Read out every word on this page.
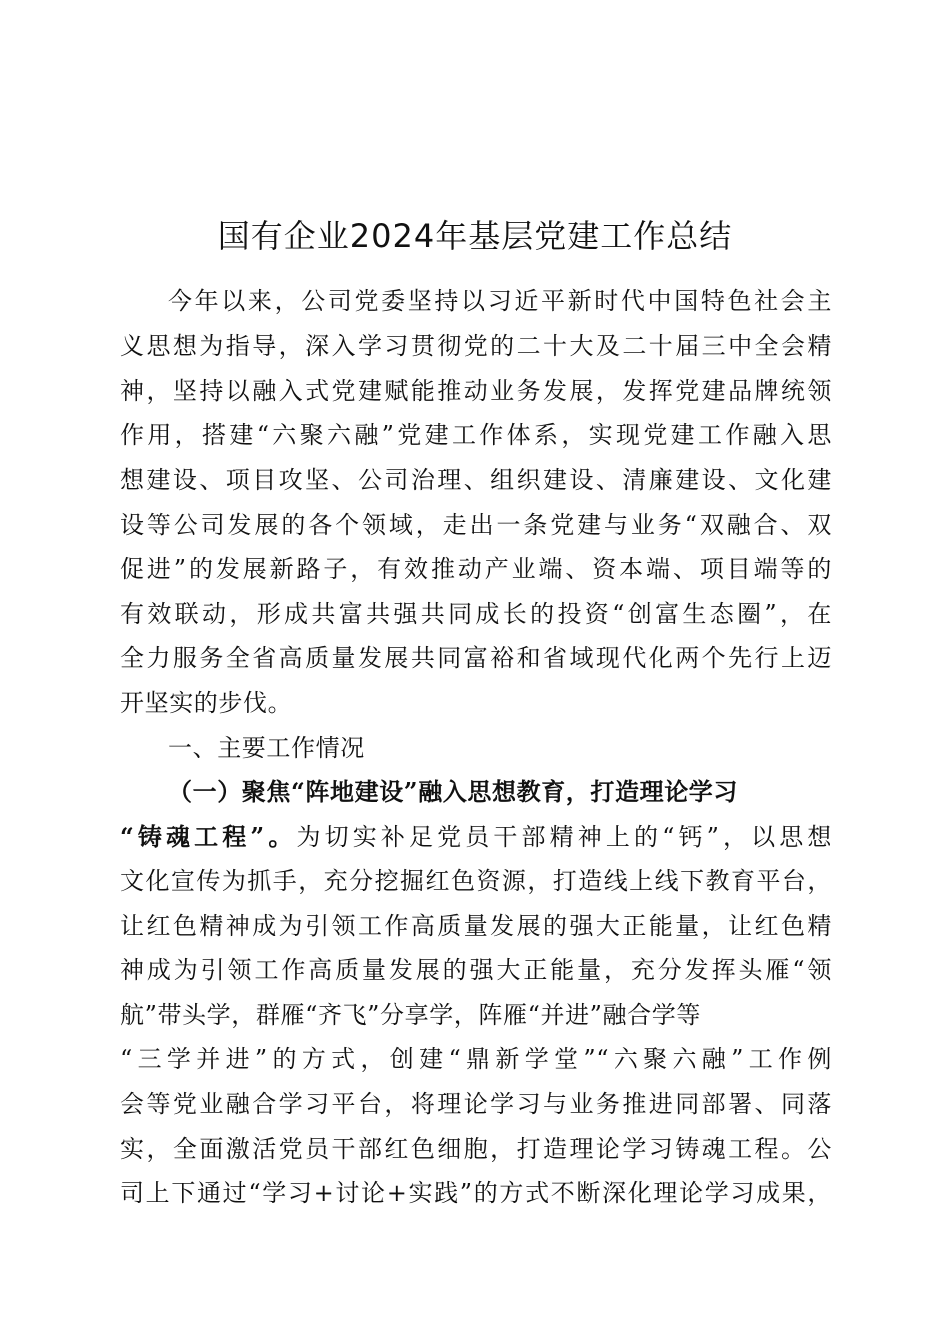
国有企业2024年基层党建工作总结
今年以来，公司党委坚持以习近平新时代中国特色社会主
义思想为指导，深入学习贯彻党的二十大及二十届三中全会精
神，坚持以融入式党建赋能推动业务发展，发挥党建品牌统领
作用，搭建“六聚六融”党建工作体系，实现党建工作融入思
想建设、项目攻坚、公司治理、组织建设、清廉建设、文化建
设等公司发展的各个领域，走出一条党建与业务“双融合、双
促进”的发展新路子，有效推动产业端、资本端、项目端等的
有效联动，形成共富共强共同成长的投资“创富生态圈”，在
全力服务全省高质量发展共同富裕和省域现代化两个先行上迈
开坚实的步伐。
一、主要工作情况
（一）聚焦“阵地建设”融入思想教育，打造理论学习
“铸魂工程”。为切实补足党员干部精神上的“钙”，以思想
文化宣传为抓手，充分挖掘红色资源，打造线上线下教育平台，
让红色精神成为引领工作高质量发展的强大正能量，让红色精
神成为引领工作高质量发展的强大正能量，充分发挥头雁“领
航”带头学，群雁“齐飞”分享学，阵雁“并进”融合学等
“三学并进”的方式，创建“鼎新学堂”“六聚六融”工作例
会等党业融合学习平台，将理论学习与业务推进同部署、同落
实，全面激活党员干部红色细胞，打造理论学习铸魂工程。公
司上下通过“学习+讨论+实践”的方式不断深化理论学习成果，
